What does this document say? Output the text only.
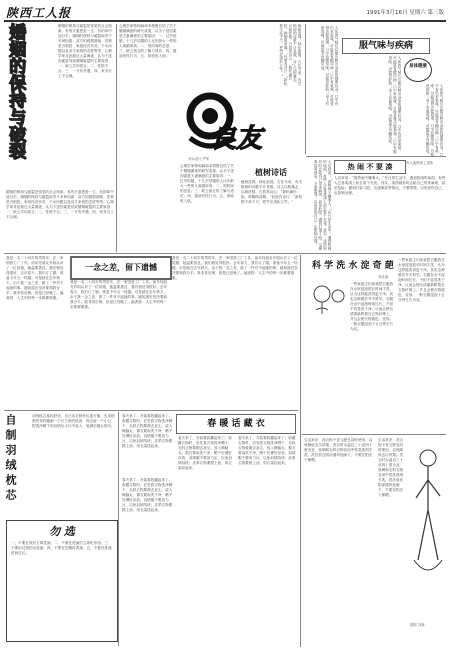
陕西工人报	1991年3月16日 星期六 第三版
婚姻的保持与破裂	婚姻的保持与破裂是常见的社会现象。有的夫妻恩爱一生，有的却中途分手。婚姻的保持与破裂取决于多种因素：双方的感情基础、性格是否相投、家庭经济状况、子女问题以及双方家庭的态度等等。心理学家对此做过大量调查，认为下述因素是导致婚姻破裂的主要原因：一、缺乏共同语言；二、性格不合；三、一方有外遇；四、家务分工不合理。
婚姻的保持与破裂是常见的社会现象。有的夫妻恩爱一生，有的却中途分手。婚姻的保持与破裂取决于多种因素：双方的感情基础、性格是否相投、家庭经济状况、子女问题以及双方家庭的态度等等。心理学家对此做过大量调查，认为下述因素是导致婚姻破裂的主要原因：一、缺乏共同语言；二、性格不合；三、一方有外遇；四、家务分工不合理。
心理学家特和赫和本特鲁总结了关于婚姻满意的研究成果，认为下述因素是夫妻满意的主要原因：一、过早结婚，十几岁结婚的人比年龄大一些的人离婚率高；二、短时间的恋爱；三、缺乏相互的了解与适应；四、婚前有性行为；五、家庭收入低。	植树造林，绿化祖国。古往今来，有关植树的诗歌不计其数，诗人以树寓志，以树抒情。白居易诗云：“栽松满后院，种柳荫前墀。”杜甫有诗曰：“新松恨不高千尺，恶竹应须斩万竿。”
良友
刊头设计 严军
心理学家特和赫和本特鲁总结了关于婚姻满意的研究成果，认为下述因素是夫妻满意的主要原因：一、过早结婚，十几岁结婚的人比年龄大一些的人离婚率高；二、短时间的恋爱；三、缺乏相互的了解与适应；四、婚前有性行为；五、家庭收入低。
植树诗话
植树造林，绿化祖国。古往今来，有关植树的诗歌不计其数，诗人以树寓志，以树抒情。白居易诗云：“栽松满后院，种柳荫前墀。”杜甫有诗曰：“新松恨不高千尺，恶竹应须斩万竿。”
人体的气味往往能反映出身体的健康状况。口中有烂苹果味，可能患有糖尿病；口中有氨味，可能是肾功能衰竭；口中有腥臭味，可能是肝病；身上有鼠臭味，可能是苯丙酮尿症。	服气味与疾病
身体健康
人体的气味往往能反映出身体的健康状况。口中有烂苹果味，可能患有糖尿病；口中有氨味，可能是肾功能衰竭；口中有腥臭味，可能是肝病；身上有鼠臭味，可能是苯丙酮尿症。	人体的气味往往能反映出身体的健康状况。口中有烂苹果味，可能患有糖尿病；口中有氨味，可能是肾功能衰竭；口中有腥臭味，可能是肝病；身上有鼠臭味，可能是苯丙酮尿症。
人们常说：“看热闹不嫌事大。”在日常生活中，遇到热闹的场面，有些人总喜欢凑上前去看个究竟。其实，凑热闹有时会给自己带来麻烦，甚至危险。遇到打架斗殴、交通事故等情况，不要围观，以免误伤自己，也影响处理。	热 闹 不 要 凑	有人就热闹了凑热
人们常说：“看热闹不嫌事大。”在日常生活中，遇到热闹的场面，有些人总喜欢凑上前去看个究竟。其实，凑热闹有时会给自己带来麻烦，甚至危险。遇到打架斗殴、交通事故等情况，不要围观，以免误伤自己，也影响处理。
我是一名二十四岁的男青年，在一家国营工厂工作。前年经朋友介绍认识了一位姑娘，她温柔善良，我们相处得很好。去年春天，我们订了婚，准备今年五一结婚。可是就在去年秋天，由于我一念之差，做了一件对不起她的事，她知道后坚决要和我分手。我非常后悔，但是已经晚了。编者按：人生中的每一步都要慎重。
一念之差，留下遗憾
我是一名二十四岁的男青年，在一家国营工厂工作。前年经朋友介绍认识了一位姑娘，她温柔善良，我们相处得很好。去年春天，我们订了婚，准备今年五一结婚。可是就在去年秋天，由于我一念之差，做了一件对不起她的事，她知道后坚决要和我分手。我非常后悔，但是已经晚了。编者按：人生中的每一步都要慎重。
我是一名二十四岁的男青年，在一家国营工厂工作。前年经朋友介绍认识了一位姑娘，她温柔善良，我们相处得很好。去年春天，我们订了婚，准备今年五一结婚。可是就在去年秋天，由于我一念之差，做了一件对不起她的事，她知道后坚决要和我分手。我非常后悔，但是已经晚了。编者按：人生中的每一步都要慎重。
科 学 洗 水 淀 奇 葩
刘永丽
一些家庭主妇喜欢把衣服放在水里浸泡很长时间才洗，认为这样能洗得更干净。其实这种做法并不科学。衣服在水中浸泡时间过长，不但不容易洗干净，反而会使污渍重新附着在衣物纤维上，并且会使衣物褪色、变形。一般衣服浸泡十五分钟左右为宜。
一些家庭主妇喜欢把衣服放在水里浸泡很长时间才洗，认为这样能洗得更干净。其实这种做法并不科学。衣服在水中浸泡时间过长，不但不容易洗干净，反而会使污渍重新附着在衣物纤维上，并且会使衣物褪色、变形。一般衣服浸泡十五分钟左右为宜。
自制羽绒枕芯	羽绒枕芯柔软舒适，自己动手制作也很方便。先用细密的布料缝制一个长方形的枕套，四边留一个小口，把洗净晒干的羽绒从小口中装入，装满后缝合即可。
勿 选
一、不要在饭后立即洗澡；二、不要在洗澡后立即吃东西；三、不要用过热的水洗澡；四、不要在空腹时洗澡；五、不要在洗澡时间过长。
春天来了，冬装要收藏起来了。收藏衣物时，应先将衣物洗净晒干，毛料衣物要刷去灰尘，放入樟脑丸；棉衣要拆洗干净，晒干后叠好存放；羽绒服不要用力压，以免羽绒结块；皮革衣物要擦上油，用衣架挂起来。
春 暖 话 藏 衣
春天来了，冬装要收藏起来了。收藏衣物时，应先将衣物洗净晒干，毛料衣物要刷去灰尘，放入樟脑丸；棉衣要拆洗干净，晒干后叠好存放；羽绒服不要用力压，以免羽绒结块；皮革衣物要擦上油，用衣架挂起来。
春天来了，冬装要收藏起来了。收藏衣物时，应先将衣物洗净晒干，毛料衣物要刷去灰尘，放入樟脑丸；棉衣要拆洗干净，晒干后叠好存放；羽绒服不要用力压，以免羽绒结块；皮革衣物要擦上油，用衣架挂起来。
春天来了，冬装要收藏起来了。收藏衣物时，应先将衣物洗净晒干，毛料衣物要刷去灰尘，放入樟脑丸；棉衣要拆洗干净，晒干后叠好存放；羽绒服不要用力压，以免羽绒结块；皮革衣物要擦上油，用衣架挂起来。
生活常识：洗衣粉不宜与肥皂同时使用，以免降低去污效果。洗衣时水温以三十至四十度为宜，丝绸和毛料衣物宜用中性洗涤剂手洗，洗后放在阴凉通风处晾干，不要在阳光下暴晒。
生活常识：洗衣粉不宜与肥皂同时使用，以免降低去污效果。洗衣时水温以三十至四十度为宜，丝绸和毛料衣物宜用中性洗涤剂手洗，洗后放在阴凉通风处晾干，不要在阳光下暴晒。
插图 刘新
